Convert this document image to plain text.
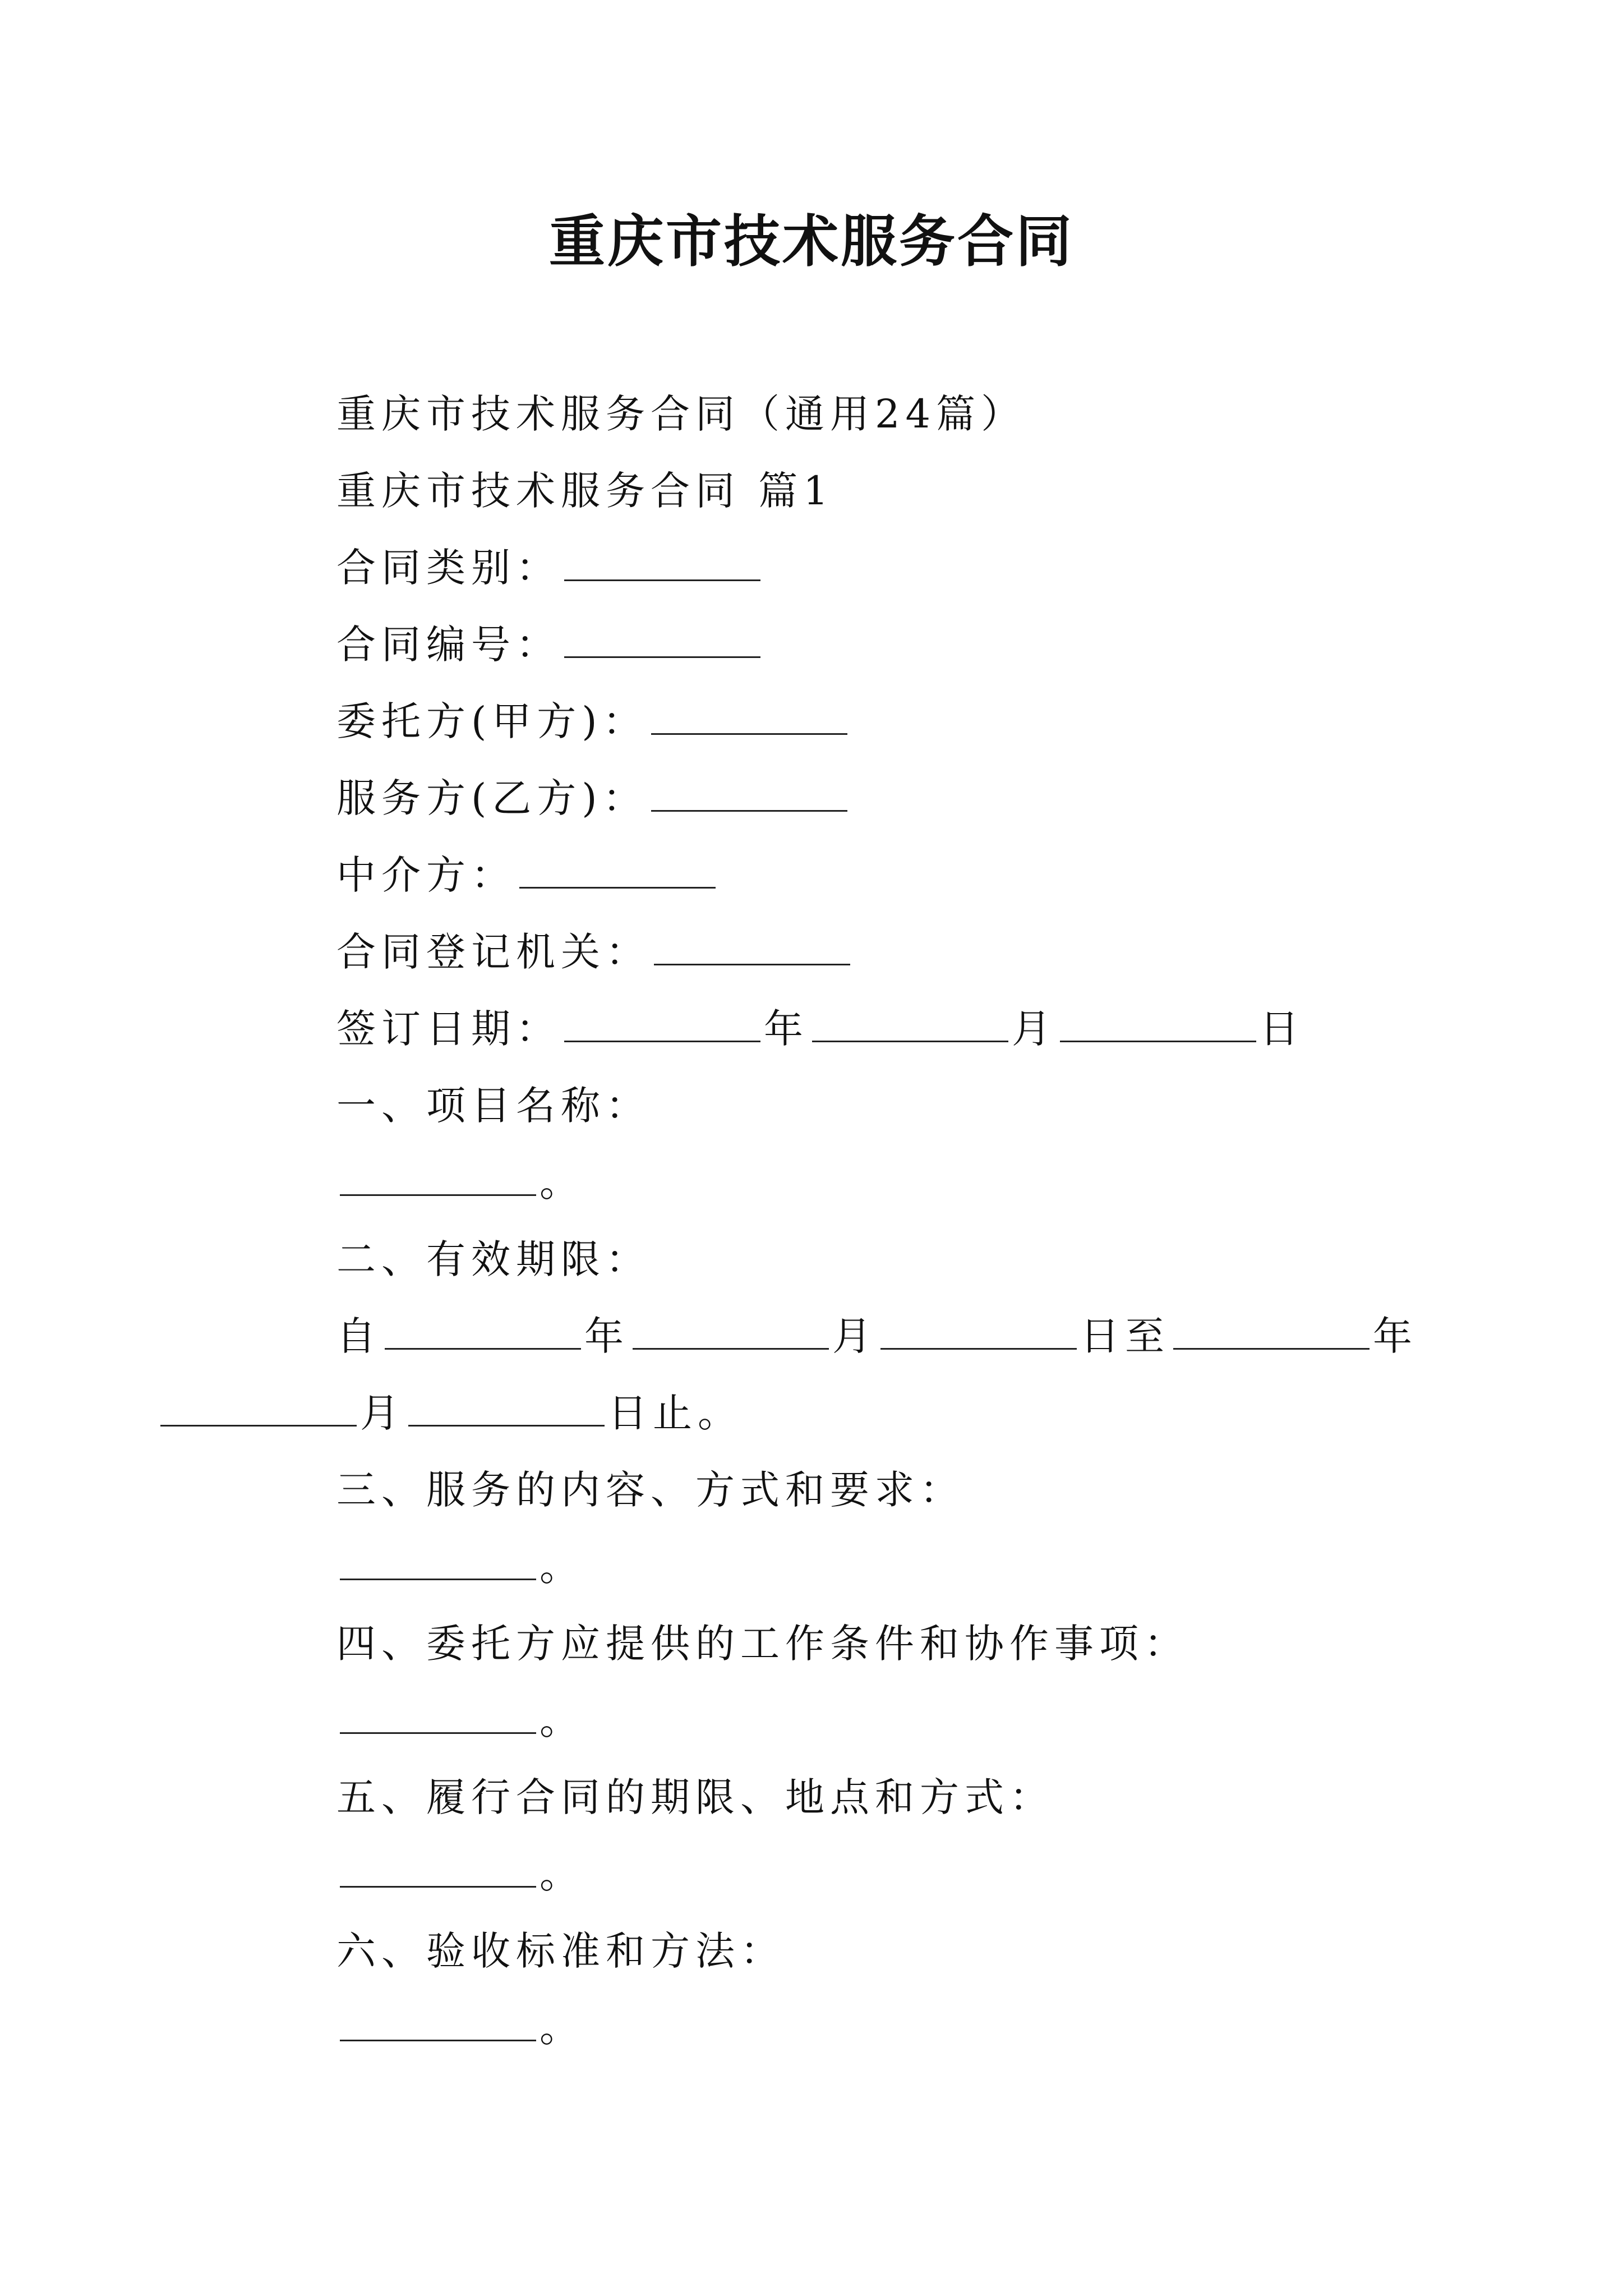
重庆市技术服务合同
重庆市技术服务合同（通用24篇）
重庆市技术服务合同 篇1
合同类别：
合同编号：
委托方(甲方)：
服务方(乙方)：
中介方：
合同登记机关：
签订日期：	年	月	日
一、项目名称：
。
二、有效期限：
自	年	月	日至	年
月	日止。
三、服务的内容、方式和要求：
。
四、委托方应提供的工作条件和协作事项：
。
五、履行合同的期限、地点和方式：
。
六、验收标准和方法：
。
